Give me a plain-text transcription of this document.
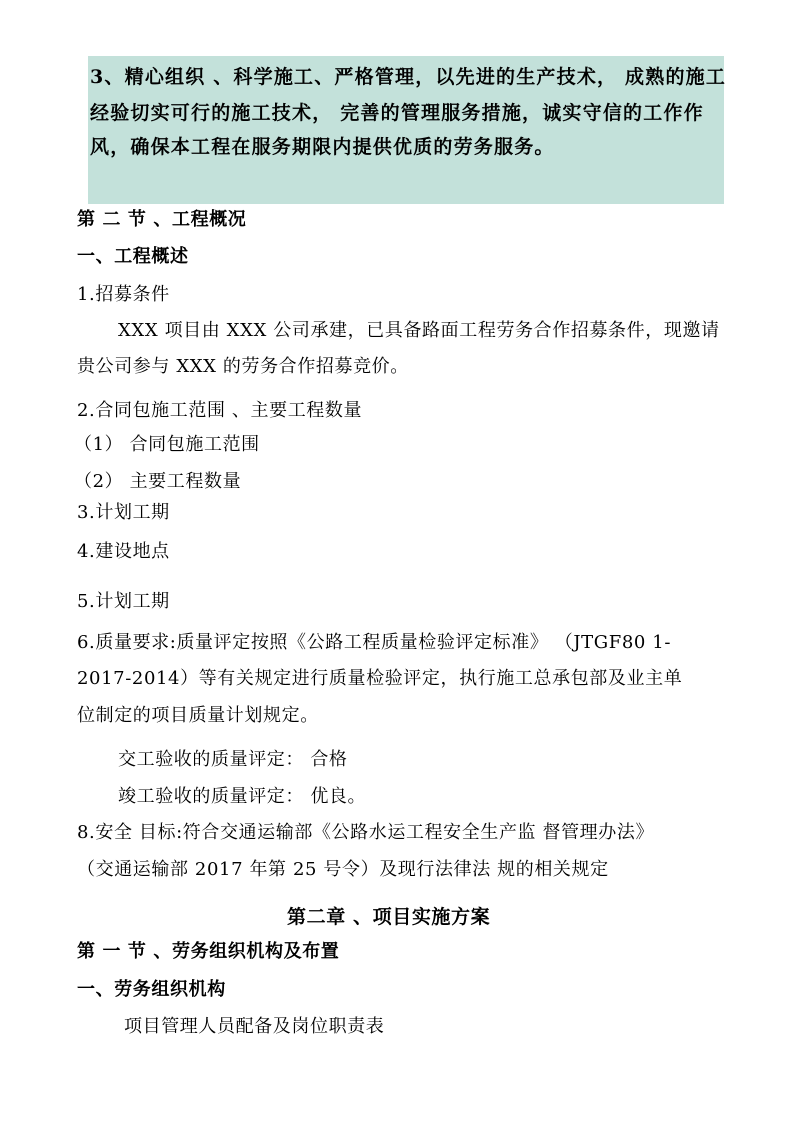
3、精心组织 、科学施工、严格管理，以先进的生产技术， 成熟的施工
经验切实可行的施工技术， 完善的管理服务措施，诚实守信的工作作
风，确保本工程在服务期限内提供优质的劳务服务。
第 二 节 、工程概况
一、工程概述
1.招募条件
XXX 项目由 XXX 公司承建，已具备路面工程劳务合作招募条件，现邀请
贵公司参与 XXX 的劳务合作招募竞价。
2.合同包施工范围 、主要工程数量
（1） 合同包施工范围
（2） 主要工程数量
3.计划工期
4.建设地点
5.计划工期
6.质量要求:质量评定按照《公路工程质量检验评定标准》 （JTGF80 1-
2017-2014）等有关规定进行质量检验评定，执行施工总承包部及业主单
位制定的项目质量计划规定。
交工验收的质量评定： 合格
竣工验收的质量评定： 优良。
8.安全 目标:符合交通运输部《公路水运工程安全生产监 督管理办法》
（交通运输部 2017 年第 25 号令）及现行法律法 规的相关规定
第二章 、项目实施方案
第 一 节 、劳务组织机构及布置
一、劳务组织机构
项目管理人员配备及岗位职责表
